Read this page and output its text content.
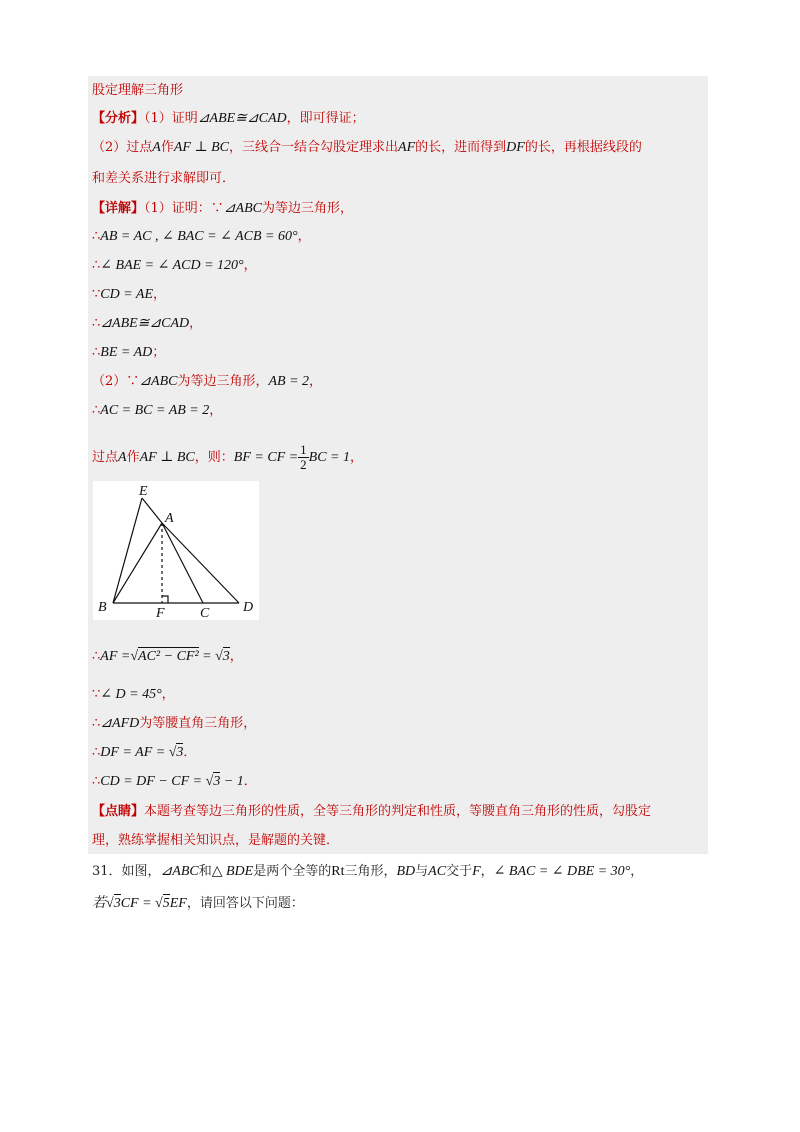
股定理解三角形
【分析】（1）证明⊿ABE≅⊿CAD，即可得证；
（2）过点A作AF ⊥ BC，三线合一结合勾股定理求出AF的长，进而得到DF的长，再根据线段的
和差关系进行求解即可．
【详解】（1）证明：∵⊿ABC为等边三角形，
∴AB = AC , ∠ BAC = ∠ ACB = 60°，
∴∠ BAE = ∠ ACD = 120°，
∵CD = AE，
∴⊿ABE≅⊿CAD，
∴BE = AD；
（2）∵⊿ABC为等边三角形，AB = 2，
∴AC = BC = AB = 2，
过点A作AF ⊥ BC，则：BF = CF = $\frac{1}{2}$ BC = 1，
∴AF =√AC² − CF² = √3，
∵∠ D = 45°，
∴⊿AFD为等腰直角三角形，
∴DF = AF = √3．
∴CD = DF − CF = √3 − 1．
【点睛】本题考查等边三角形的性质，全等三角形的判定和性质，等腰直角三角形的性质，勾股定
理，熟练掌握相关知识点，是解题的关键．
31．如图，⊿ABC和△ BDE是两个全等的Rt三角形，BD与AC交于F，∠ BAC = ∠ DBE = 30°，
若√3CF = √5EF，请回答以下问题：
E
A
B	F	C D
